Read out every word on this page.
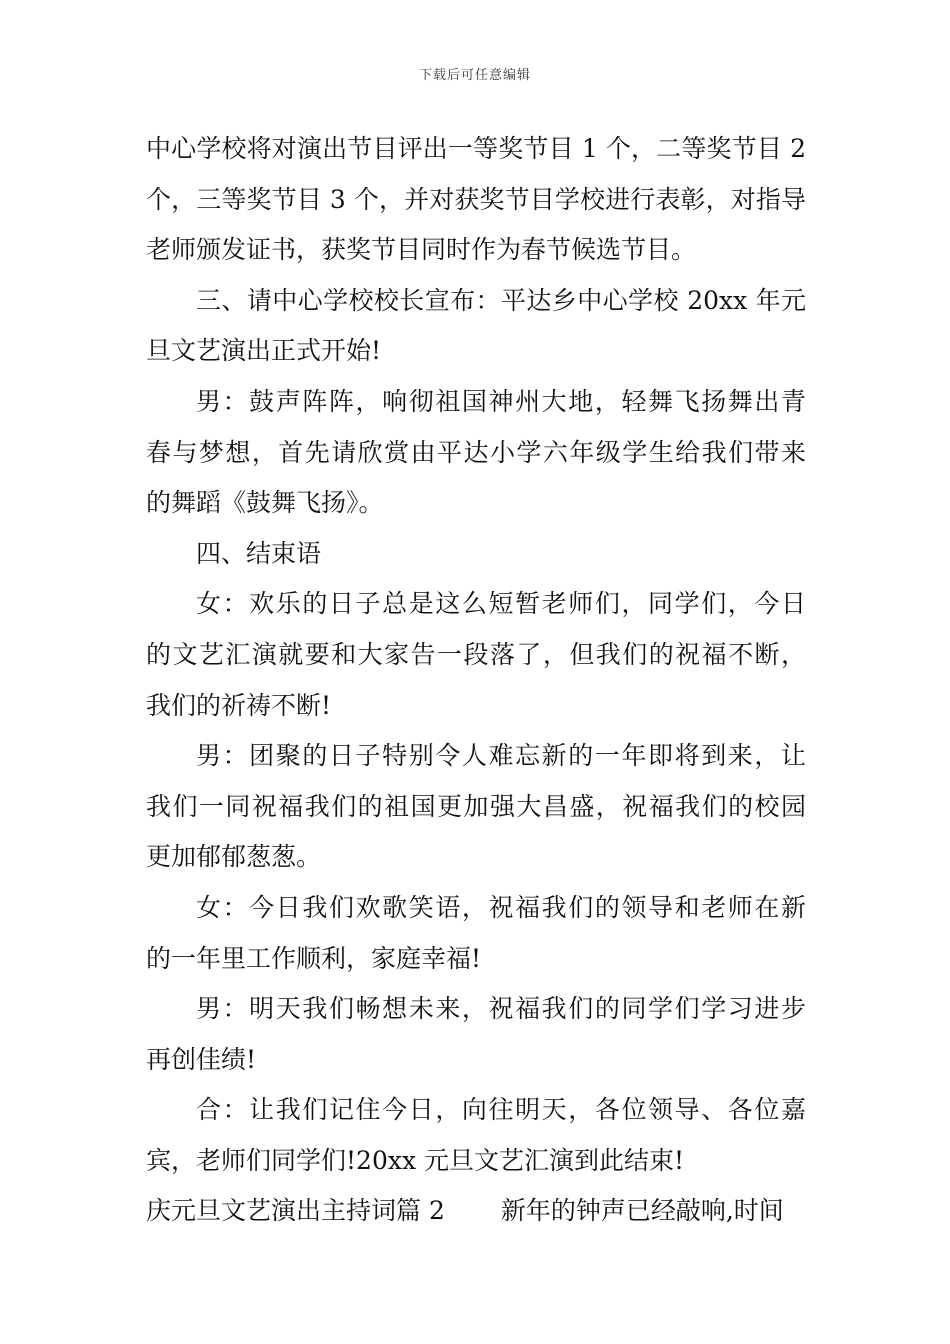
下载后可任意编辑
中心学校将对演出节目评出一等奖节目 1 个，二等奖节目 2
个，三等奖节目 3 个，并对获奖节目学校进行表彰，对指导
老师颁发证书，获奖节目同时作为春节候选节目。
三、请中心学校校长宣布：平达乡中心学校 20xx 年元
旦文艺演出正式开始!
男：鼓声阵阵，响彻祖国神州大地，轻舞飞扬舞出青
春与梦想，首先请欣赏由平达小学六年级学生给我们带来
的舞蹈《鼓舞飞扬》。
四、结束语
女：欢乐的日子总是这么短暂老师们，同学们，今日
的文艺汇演就要和大家告一段落了，但我们的祝福不断，
我们的祈祷不断!
男：团聚的日子特别令人难忘新的一年即将到来，让
我们一同祝福我们的祖国更加强大昌盛，祝福我们的校园
更加郁郁葱葱。
女：今日我们欢歌笑语，祝福我们的领导和老师在新
的一年里工作顺利，家庭幸福!
男：明天我们畅想未来，祝福我们的同学们学习进步
再创佳绩!
合：让我们记住今日，向往明天，各位领导、各位嘉
宾，老师们同学们!20xx 元旦文艺汇演到此结束!
庆元旦文艺演出主持词篇 2 新年的钟声已经敲响,时间
